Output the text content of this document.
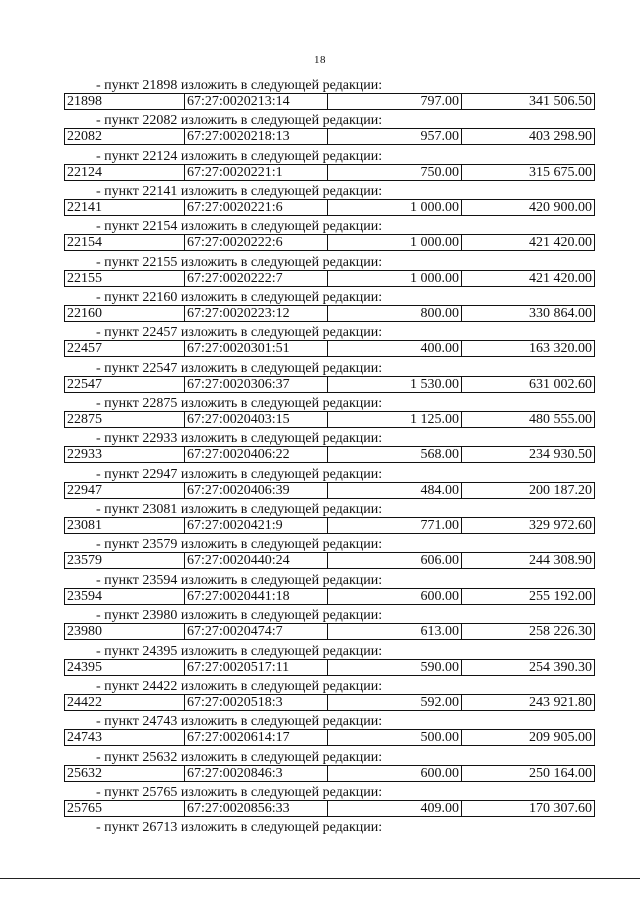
18
- пункт 21898 изложить в следующей редакции:
21898	67:27:0020213:14	797.00	341 506.50
- пункт 22082 изложить в следующей редакции:
22082	67:27:0020218:13	957.00	403 298.90
- пункт 22124 изложить в следующей редакции:
22124	67:27:0020221:1	750.00	315 675.00
- пункт 22141 изложить в следующей редакции:
22141	67:27:0020221:6	1 000.00	420 900.00
- пункт 22154 изложить в следующей редакции:
22154	67:27:0020222:6	1 000.00	421 420.00
- пункт 22155 изложить в следующей редакции:
22155	67:27:0020222:7	1 000.00	421 420.00
- пункт 22160 изложить в следующей редакции:
22160	67:27:0020223:12	800.00	330 864.00
- пункт 22457 изложить в следующей редакции:
22457	67:27:0020301:51	400.00	163 320.00
- пункт 22547 изложить в следующей редакции:
22547	67:27:0020306:37	1 530.00	631 002.60
- пункт 22875 изложить в следующей редакции:
22875	67:27:0020403:15	1 125.00	480 555.00
- пункт 22933 изложить в следующей редакции:
22933	67:27:0020406:22	568.00	234 930.50
- пункт 22947 изложить в следующей редакции:
22947	67:27:0020406:39	484.00	200 187.20
- пункт 23081 изложить в следующей редакции:
23081	67:27:0020421:9	771.00	329 972.60
- пункт 23579 изложить в следующей редакции:
23579	67:27:0020440:24	606.00	244 308.90
- пункт 23594 изложить в следующей редакции:
23594	67:27:0020441:18	600.00	255 192.00
- пункт 23980 изложить в следующей редакции:
23980	67:27:0020474:7	613.00	258 226.30
- пункт 24395 изложить в следующей редакции:
24395	67:27:0020517:11	590.00	254 390.30
- пункт 24422 изложить в следующей редакции:
24422	67:27:0020518:3	592.00	243 921.80
- пункт 24743 изложить в следующей редакции:
24743	67:27:0020614:17	500.00	209 905.00
- пункт 25632 изложить в следующей редакции:
25632	67:27:0020846:3	600.00	250 164.00
- пункт 25765 изложить в следующей редакции:
25765	67:27:0020856:33	409.00	170 307.60
- пункт 26713 изложить в следующей редакции:
